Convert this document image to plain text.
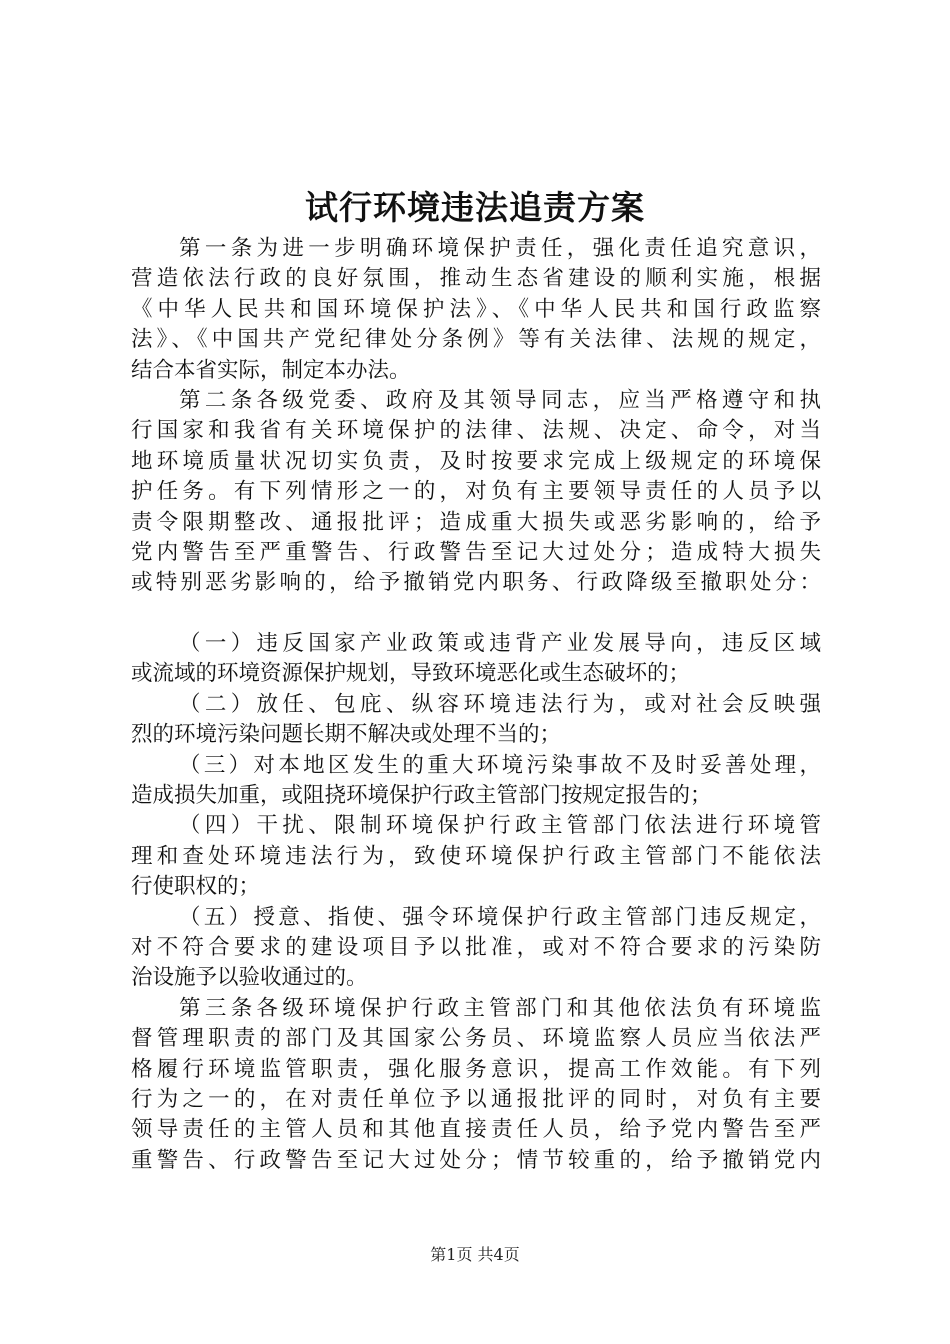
试行环境违法追责方案
第一条为进一步明确环境保护责任，强化责任追究意识，
营造依法行政的良好氛围，推动生态省建设的顺利实施，根据
《中华人民共和国环境保护法》、《中华人民共和国行政监察
法》、《中国共产党纪律处分条例》等有关法律、法规的规定，
结合本省实际，制定本办法。
第二条各级党委、政府及其领导同志，应当严格遵守和执
行国家和我省有关环境保护的法律、法规、决定、命令，对当
地环境质量状况切实负责，及时按要求完成上级规定的环境保
护任务。有下列情形之一的，对负有主要领导责任的人员予以
责令限期整改、通报批评；造成重大损失或恶劣影响的，给予
党内警告至严重警告、行政警告至记大过处分；造成特大损失
或特别恶劣影响的，给予撤销党内职务、行政降级至撤职处分：
（一）违反国家产业政策或违背产业发展导向，违反区域
或流域的环境资源保护规划，导致环境恶化或生态破坏的；
（二）放任、包庇、纵容环境违法行为，或对社会反映强
烈的环境污染问题长期不解决或处理不当的；
（三）对本地区发生的重大环境污染事故不及时妥善处理，
造成损失加重，或阻挠环境保护行政主管部门按规定报告的；
（四）干扰、限制环境保护行政主管部门依法进行环境管
理和查处环境违法行为，致使环境保护行政主管部门不能依法
行使职权的；
（五）授意、指使、强令环境保护行政主管部门违反规定，
对不符合要求的建设项目予以批准，或对不符合要求的污染防
治设施予以验收通过的。
第三条各级环境保护行政主管部门和其他依法负有环境监
督管理职责的部门及其国家公务员、环境监察人员应当依法严
格履行环境监管职责，强化服务意识，提高工作效能。有下列
行为之一的，在对责任单位予以通报批评的同时，对负有主要
领导责任的主管人员和其他直接责任人员，给予党内警告至严
重警告、行政警告至记大过处分；情节较重的，给予撤销党内
第1页 共4页
